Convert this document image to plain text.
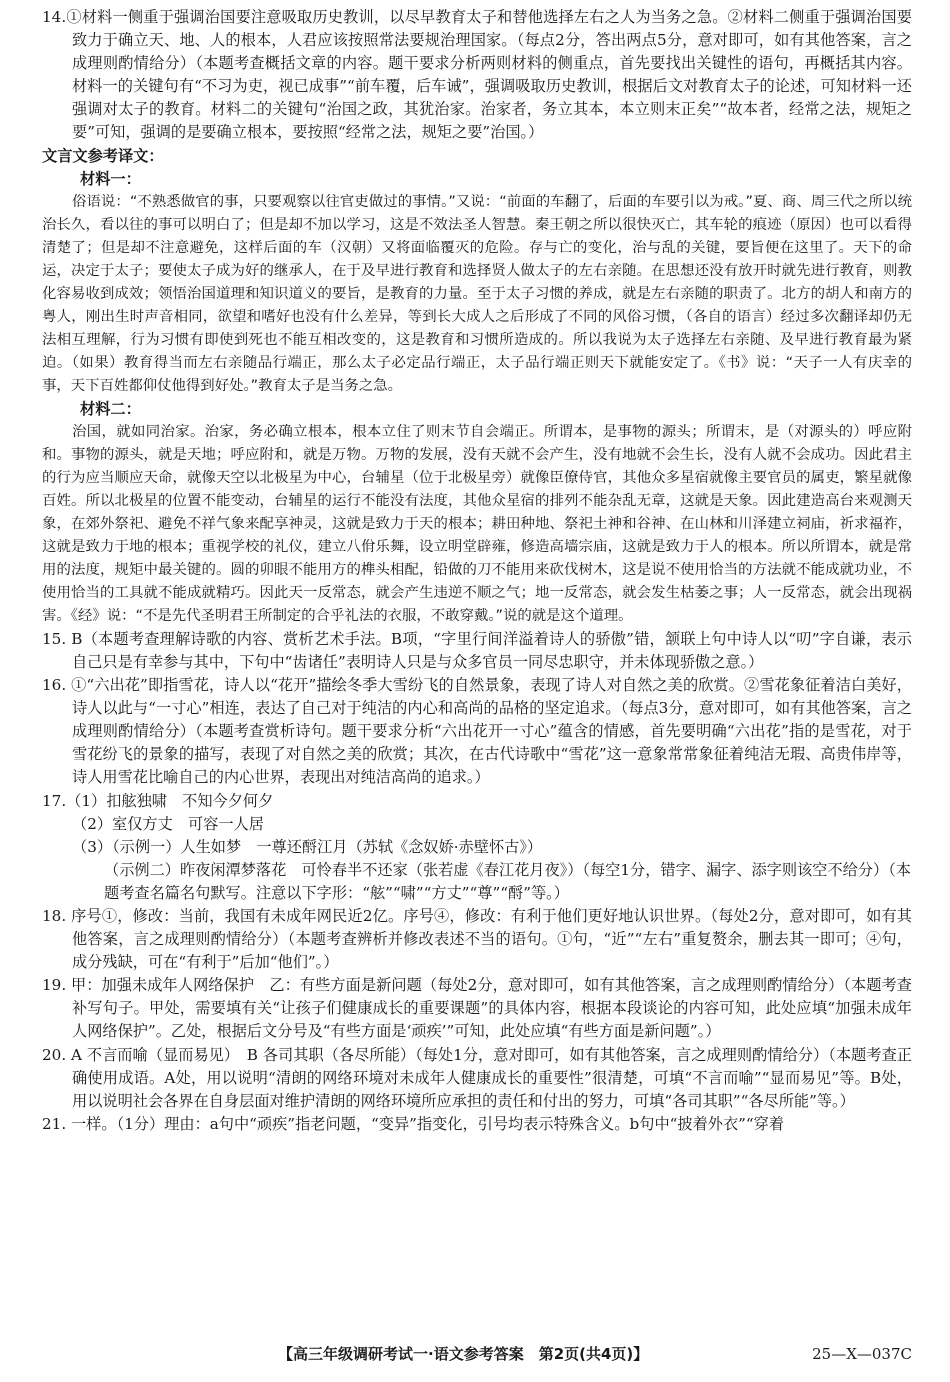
14.①材料一侧重于强调治国要注意吸取历史教训，以尽早教育太子和替他选择左右之人为当务之急。②材料二侧重于强调治国要致力于确立天、地、人的根本，人君应该按照常法要规治理国家。（每点2分，答出两点5分，意对即可，如有其他答案，言之成理则酌情给分）（本题考查概括文章的内容。题干要求分析两则材料的侧重点，首先要找出关键性的语句，再概括其内容。材料一的关键句有“不习为吏，视已成事”“前车覆，后车诫”，强调吸取历史教训，根据后文对教育太子的论述，可知材料一还强调对太子的教育。材料二的关键句“治国之政，其犹治家。治家者，务立其本，本立则末正矣”“故本者，经常之法，规矩之要”可知，强调的是要确立根本，要按照“经常之法，规矩之要”治国。）

文言文参考译文：

材料一：

俗语说：“不熟悉做官的事，只要观察以往官吏做过的事情。”又说：“前面的车翻了，后面的车要引以为戒。”夏、商、周三代之所以统治长久，看以往的事可以明白了；但是却不加以学习，这是不效法圣人智慧。秦王朝之所以很快灭亡，其车轮的痕迹（原因）也可以看得清楚了；但是却不注意避免，这样后面的车（汉朝）又将面临覆灭的危险。存与亡的变化，治与乱的关键，要旨便在这里了。天下的命运，决定于太子；要使太子成为好的继承人，在于及早进行教育和选择贤人做太子的左右亲随。在思想还没有放开时就先进行教育，则教化容易收到成效；领悟治国道理和知识道义的要旨，是教育的力量。至于太子习惯的养成，就是左右亲随的职责了。北方的胡人和南方的粤人，刚出生时声音相同，欲望和嗜好也没有什么差异，等到长大成人之后形成了不同的风俗习惯，（各自的语言）经过多次翻译却仍无法相互理解，行为习惯有即使到死也不能互相改变的，这是教育和习惯所造成的。所以我说为太子选择左右亲随、及早进行教育最为紧迫。（如果）教育得当而左右亲随品行端正，那么太子必定品行端正，太子品行端正则天下就能安定了。《书》说：“天子一人有庆幸的事，天下百姓都仰仗他得到好处。”教育太子是当务之急。

材料二：

治国，就如同治家。治家，务必确立根本，根本立住了则末节自会端正。所谓本，是事物的源头；所谓末，是（对源头的）呼应附和。事物的源头，就是天地；呼应附和，就是万物。万物的发展，没有天就不会产生，没有地就不会生长，没有人就不会成功。因此君主的行为应当顺应天命，就像天空以北极星为中心，台辅星（位于北极星旁）就像臣僚侍官，其他众多星宿就像主要官员的属吏，繁星就像百姓。所以北极星的位置不能变动，台辅星的运行不能没有法度，其他众星宿的排列不能杂乱无章，这就是天象。因此建造高台来观测天象，在郊外祭祀、避免不祥气象来配享神灵，这就是致力于天的根本；耕田种地、祭祀土神和谷神、在山林和川泽建立祠庙，祈求福祚，这就是致力于地的根本；重视学校的礼仪，建立八佾乐舞，设立明堂辟雍，修造高墙宗庙，这就是致力于人的根本。所以所谓本，就是常用的法度，规矩中最关键的。圆的卯眼不能用方的榫头相配，铅做的刀不能用来砍伐树木，这是说不使用恰当的方法就不能成就功业，不使用恰当的工具就不能成就精巧。因此天一反常态，就会产生违逆不顺之气；地一反常态，就会发生枯萎之事；人一反常态，就会出现祸害。《经》说：“不是先代圣明君王所制定的合乎礼法的衣服，不敢穿戴。”说的就是这个道理。

15. B（本题考查理解诗歌的内容、赏析艺术手法。B项，“字里行间洋溢着诗人的骄傲”错，颔联上句中诗人以“叨”字自谦，表示自己只是有幸参与其中，下句中“齿诸任”表明诗人只是与众多官员一同尽忠职守，并未体现骄傲之意。）

16. ①“六出花”即指雪花，诗人以“花开”描绘冬季大雪纷飞的自然景象，表现了诗人对自然之美的欣赏。②雪花象征着洁白美好，诗人以此与“一寸心”相连，表达了自己对于纯洁的内心和高尚的品格的坚定追求。（每点3分，意对即可，如有其他答案，言之成理则酌情给分）（本题考查赏析诗句。题干要求分析“六出花开一寸心”蕴含的情感，首先要明确“六出花”指的是雪花，对于雪花纷飞的景象的描写，表现了对自然之美的欣赏；其次，在古代诗歌中“雪花”这一意象常常象征着纯洁无瑕、高贵伟岸等，诗人用雪花比喻自己的内心世界，表现出对纯洁高尚的追求。）

17.（1）扣舷独啸　不知今夕何夕

（2）室仅方丈　可容一人居

（3）（示例一）人生如梦　一尊还酹江月（苏轼《念奴娇·赤壁怀古》）

（示例二）昨夜闲潭梦落花　可怜春半不还家（张若虚《春江花月夜》）（每空1分，错字、漏字、添字则该空不给分）（本题考查名篇名句默写。注意以下字形：“舷”“啸”“方丈”“尊”“酹”等。）

18. 序号①，修改：当前，我国有未成年网民近2亿。序号④，修改：有利于他们更好地认识世界。（每处2分，意对即可，如有其他答案，言之成理则酌情给分）（本题考查辨析并修改表述不当的语句。①句，“近”“左右”重复赘余，删去其一即可；④句，成分残缺，可在“有利于”后加“他们”。）

19. 甲：加强未成年人网络保护　乙：有些方面是新问题（每处2分，意对即可，如有其他答案，言之成理则酌情给分）（本题考查补写句子。甲处，需要填有关“让孩子们健康成长的重要课题”的具体内容，根据本段谈论的内容可知，此处应填“加强未成年人网络保护”。乙处，根据后文分号及“有些方面是‘顽疾’”可知，此处应填“有些方面是新问题”。）

20. A 不言而喻（显而易见）　B 各司其职（各尽所能）（每处1分，意对即可，如有其他答案，言之成理则酌情给分）（本题考查正确使用成语。A处，用以说明“清朗的网络环境对未成年人健康成长的重要性”很清楚，可填“不言而喻”“显而易见”等。B处，用以说明社会各界在自身层面对维护清朗的网络环境所应承担的责任和付出的努力，可填“各司其职”“各尽所能”等。）

21. 一样。（1分）理由：a句中“顽疾”指老问题，“变异”指变化，引号均表示特殊含义。b句中“披着外衣”“穿着

【高三年级调研考试一·语文参考答案　第2页(共4页)】	25—X—037C
